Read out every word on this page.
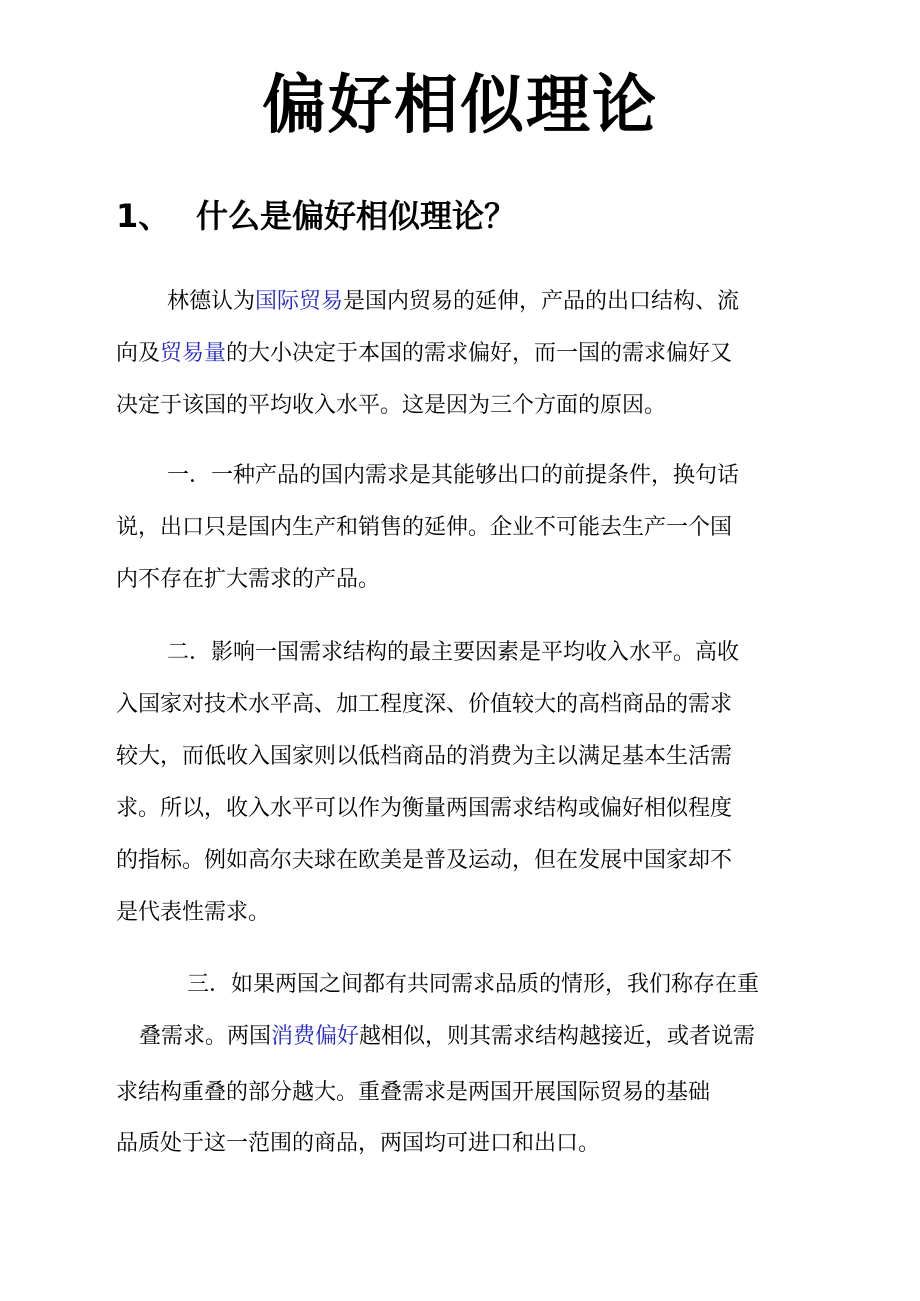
偏好相似理论
1、 什么是偏好相似理论？
林德认为国际贸易是国内贸易的延伸，产品的出口结构、流
向及贸易量的大小决定于本国的需求偏好，而一国的需求偏好又
决定于该国的平均收入水平。这是因为三个方面的原因。
一．一种产品的国内需求是其能够出口的前提条件，换句话
说，出口只是国内生产和销售的延伸。企业不可能去生产一个国
内不存在扩大需求的产品。
二．影响一国需求结构的最主要因素是平均收入水平。高收
入国家对技术水平高、加工程度深、价值较大的高档商品的需求
较大，而低收入国家则以低档商品的消费为主以满足基本生活需
求。所以，收入水平可以作为衡量两国需求结构或偏好相似程度
的指标。例如高尔夫球在欧美是普及运动，但在发展中国家却不
是代表性需求。
三．如果两国之间都有共同需求品质的情形，我们称存在重
叠需求。两国消费偏好越相似，则其需求结构越接近，或者说需
求结构重叠的部分越大。重叠需求是两国开展国际贸易的基础
品质处于这一范围的商品，两国均可进口和出口。
